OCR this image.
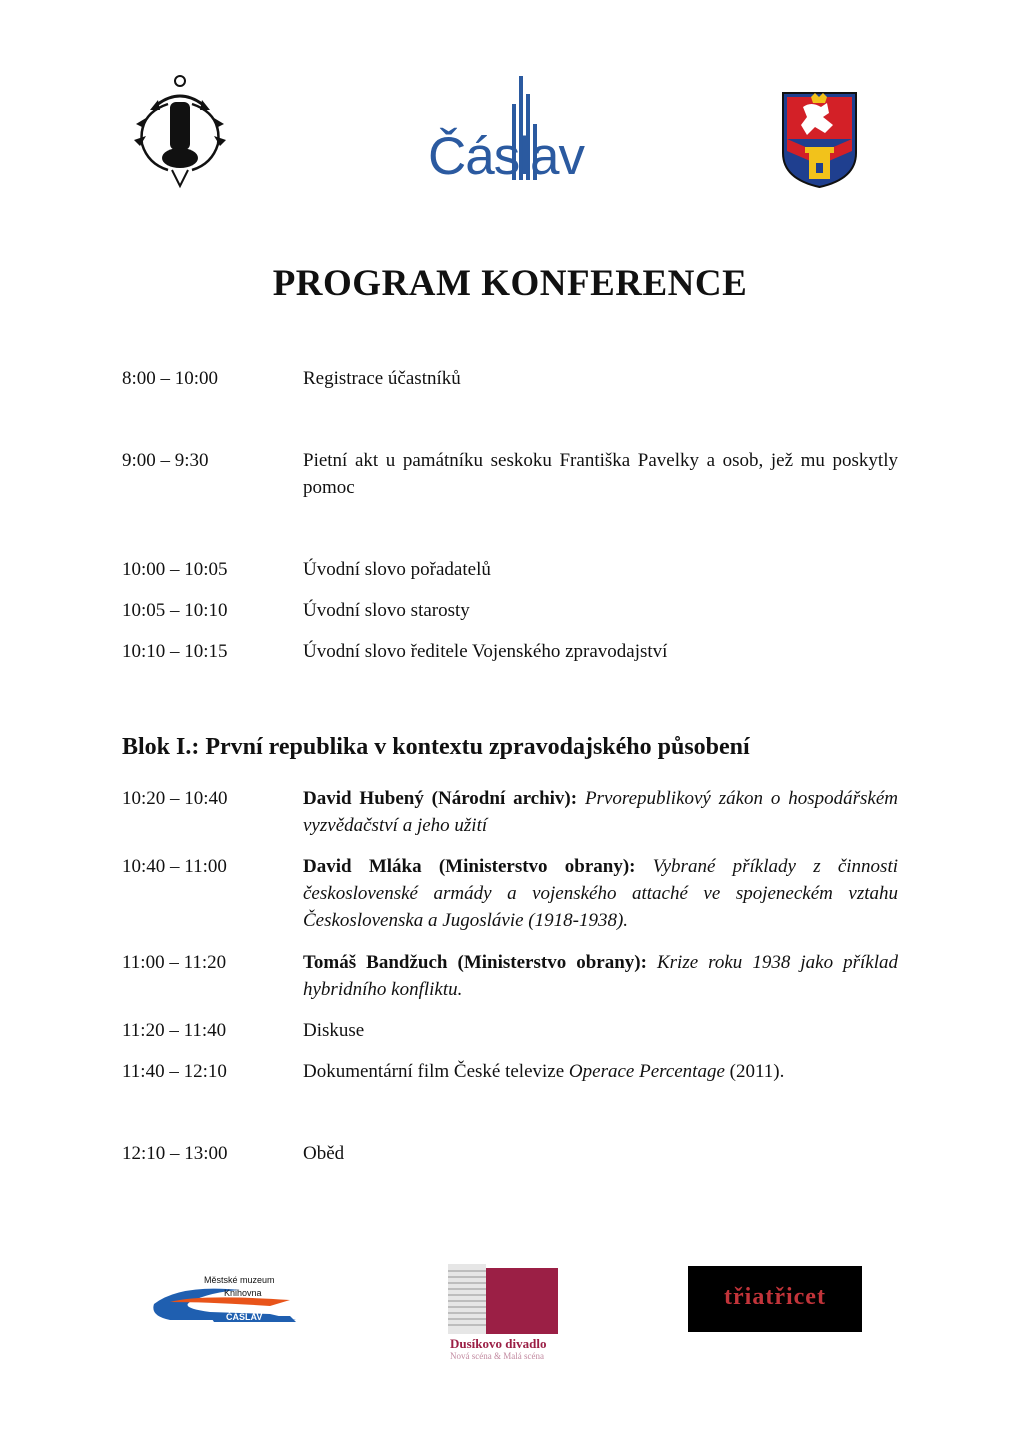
Čáslav
PROGRAM KONFERENCE
8:00 – 10:00	Registrace účastníků
9:00 – 9:30	Pietní akt u památníku seskoku Františka Pavelky a osob, jež mu poskytly pomoc
10:00 – 10:05	Úvodní slovo pořadatelů
10:05 – 10:10	Úvodní slovo starosty
10:10 – 10:15	Úvodní slovo ředitele Vojenského zpravodajství
Blok I.: První republika v kontextu zpravodajského působení
10:20 – 10:40	David Hubený (Národní archiv): Prvorepublikový zákon o hospodářském vyzvědačství a jeho užití
10:40 – 11:00	David Mláka (Ministerstvo obrany): Vybrané příklady z činnosti československé armády a vojenského attaché ve spojeneckém vztahu Československa a Jugoslávie (1918-1938).
11:00 – 11:20	Tomáš Bandžuch (Ministerstvo obrany): Krize roku 1938 jako příklad hybridního konfliktu.
11:20 – 11:40	Diskuse
11:40 – 12:10	Dokumentární film České televize Operace Percentage (2011).
12:10 – 13:00	Oběd
Městské muzeum
Knihovna
ČÁSLAV
Dusíkovo divadlo
Nová scéna & Malá scéna
třiatřicet
